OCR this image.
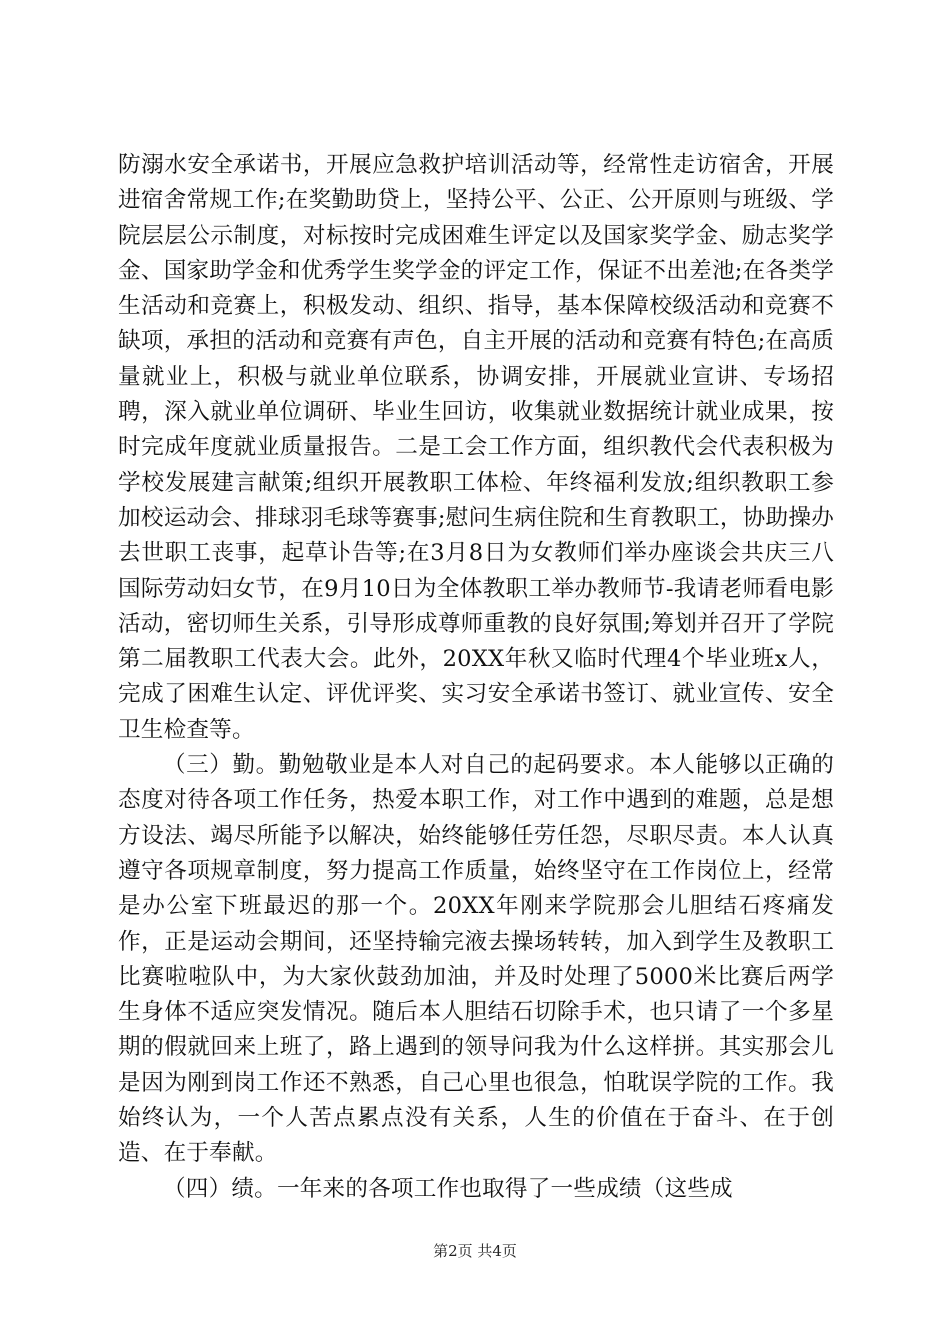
防溺水安全承诺书，开展应急救护培训活动等，经常性走访宿舍，开展进宿舍常规工作;在奖勤助贷上，坚持公平、公正、公开原则与班级、学院层层公示制度，对标按时完成困难生评定以及国家奖学金、励志奖学金、国家助学金和优秀学生奖学金的评定工作，保证不出差池;在各类学生活动和竞赛上，积极发动、组织、指导，基本保障校级活动和竞赛不缺项，承担的活动和竞赛有声色，自主开展的活动和竞赛有特色;在高质量就业上，积极与就业单位联系，协调安排，开展就业宣讲、专场招聘，深入就业单位调研、毕业生回访，收集就业数据统计就业成果，按时完成年度就业质量报告。二是工会工作方面，组织教代会代表积极为学校发展建言献策;组织开展教职工体检、年终福利发放;组织教职工参加校运动会、排球羽毛球等赛事;慰问生病住院和生育教职工，协助操办去世职工丧事，起草讣告等;在3月8日为女教师们举办座谈会共庆三八国际劳动妇女节，在9月10日为全体教职工举办教师节-我请老师看电影活动，密切师生关系，引导形成尊师重教的良好氛围;筹划并召开了学院第二届教职工代表大会。此外，20XX年秋又临时代理4个毕业班x人，完成了困难生认定、评优评奖、实习安全承诺书签订、就业宣传、安全卫生检查等。

（三）勤。勤勉敬业是本人对自己的起码要求。本人能够以正确的态度对待各项工作任务，热爱本职工作，对工作中遇到的难题，总是想方设法、竭尽所能予以解决，始终能够任劳任怨，尽职尽责。本人认真遵守各项规章制度，努力提高工作质量，始终坚守在工作岗位上，经常是办公室下班最迟的那一个。20XX年刚来学院那会儿胆结石疼痛发作，正是运动会期间，还坚持输完液去操场转转，加入到学生及教职工比赛啦啦队中，为大家伙鼓劲加油，并及时处理了5000米比赛后两学生身体不适应突发情况。随后本人胆结石切除手术，也只请了一个多星期的假就回来上班了，路上遇到的领导问我为什么这样拼。其实那会儿是因为刚到岗工作还不熟悉，自己心里也很急，怕耽误学院的工作。我始终认为，一个人苦点累点没有关系，人生的价值在于奋斗、在于创造、在于奉献。

（四）绩。一年来的各项工作也取得了一些成绩（这些成

第2页 共4页
